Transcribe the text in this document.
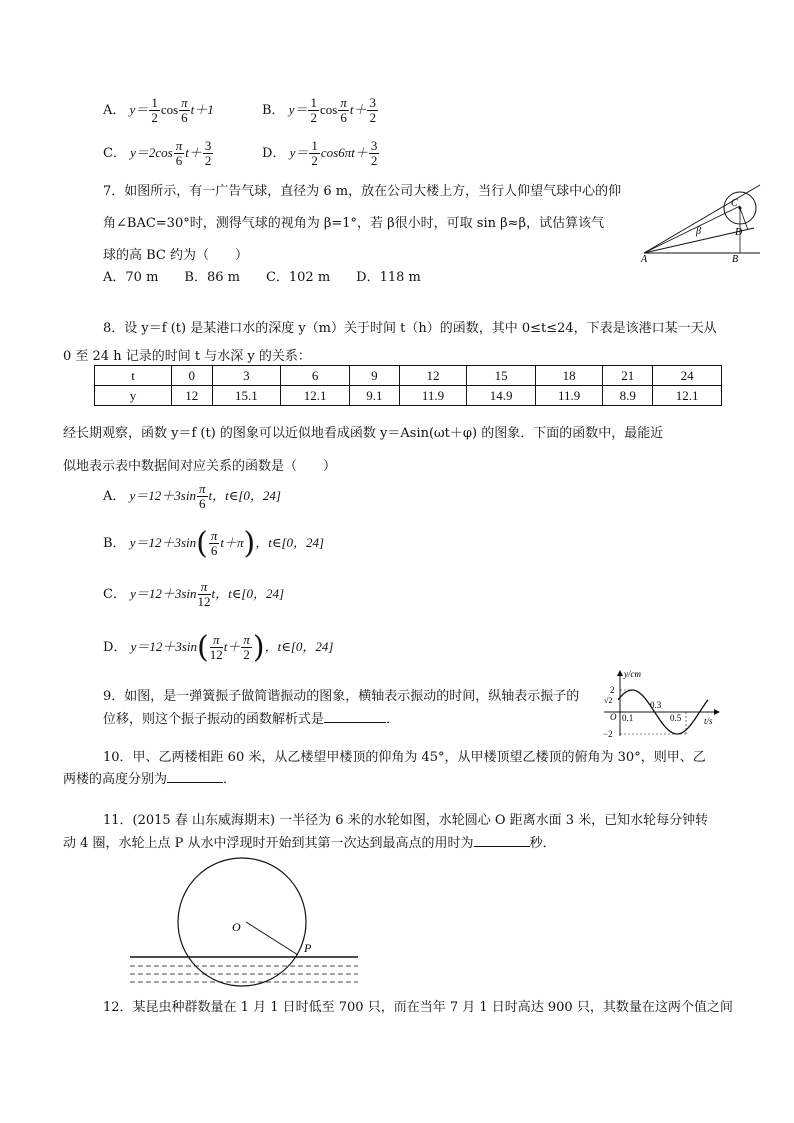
A． $y= \frac{1}{2}$ $\cos \frac{\pi}{6} t+1$	B． $y= \frac{1}{2}$ $\cos \frac{\pi}{6} t+ \frac{3}{2}$
C． $y=2\cos \frac{\pi}{6} t+ \frac{3}{2}$	D． $y= \frac{1}{2} \cos 6\pi t+ \frac{3}{2}$
7．如图所示，有一广告气球，直径为 6 m，放在公司大楼上方，当行人仰望气球中心的仰
角∠BAC=30°时，测得气球的视角为 β=1°，若 β很小时，可取 sin β≈β，试估算该气
球的高 BC 约为（　　）
A．70 m　　B．86 m　　C．102 m　　D．118 m
A	B
C
D
β
8．设 y＝f (t) 是某港口水的深度 y（m）关于时间 t（h）的函数，其中 0≤t≤24，下表是该港口某一天从
0 至 24 h 记录的时间 t 与水深 y 的关系：
t	0	3	6	9	12	15	18	21	24
y	12	15.1	12.1	9.1	11.9	14.9	11.9	8.9	12.1
经长期观察，函数 y＝f (t) 的图象可以近似地看成函数 y＝Asin(ωt＋φ) 的图象．下面的函数中，最能近
似地表示表中数据间对应关系的函数是（　　）
A． $y=12+3\sin \frac{\pi}{6}$ t，t∈[0，24]
B． $y=12+3\sin( \frac{\pi}{6} t+\pi)$，t∈[0，24]
C． $y=12+3\sin \frac{\pi}{12}$ t，t∈[0，24]
D． $y=12+3\sin( \frac{\pi}{12} t+ \frac{\pi}{2}$ )，t∈[0，24]
9．如图，是一弹簧振子做简谐振动的图象，横轴表示振动的时间，纵轴表示振子的
位移，则这个振子振动的函数解析式是	．
y/cm
t/s
2
√2
O
−2
0.1
0.3
0.5
10．甲、乙两楼相距 60 米，从乙楼望甲楼顶的仰角为 45°，从甲楼顶望乙楼顶的俯角为 30°，则甲、乙
两楼的高度分别为	．
11．(2015 春 山东威海期末) 一半径为 6 米的水轮如图，水轮圆心 O 距离水面 3 米，已知水轮每分钟转
动 4 圈，水轮上点 P 从水中浮现时开始到其第一次达到最高点的用时为	秒．
O
P
12．某昆虫种群数量在 1 月 1 日时低至 700 只，而在当年 7 月 1 日时高达 900 只，其数量在这两个值之间
